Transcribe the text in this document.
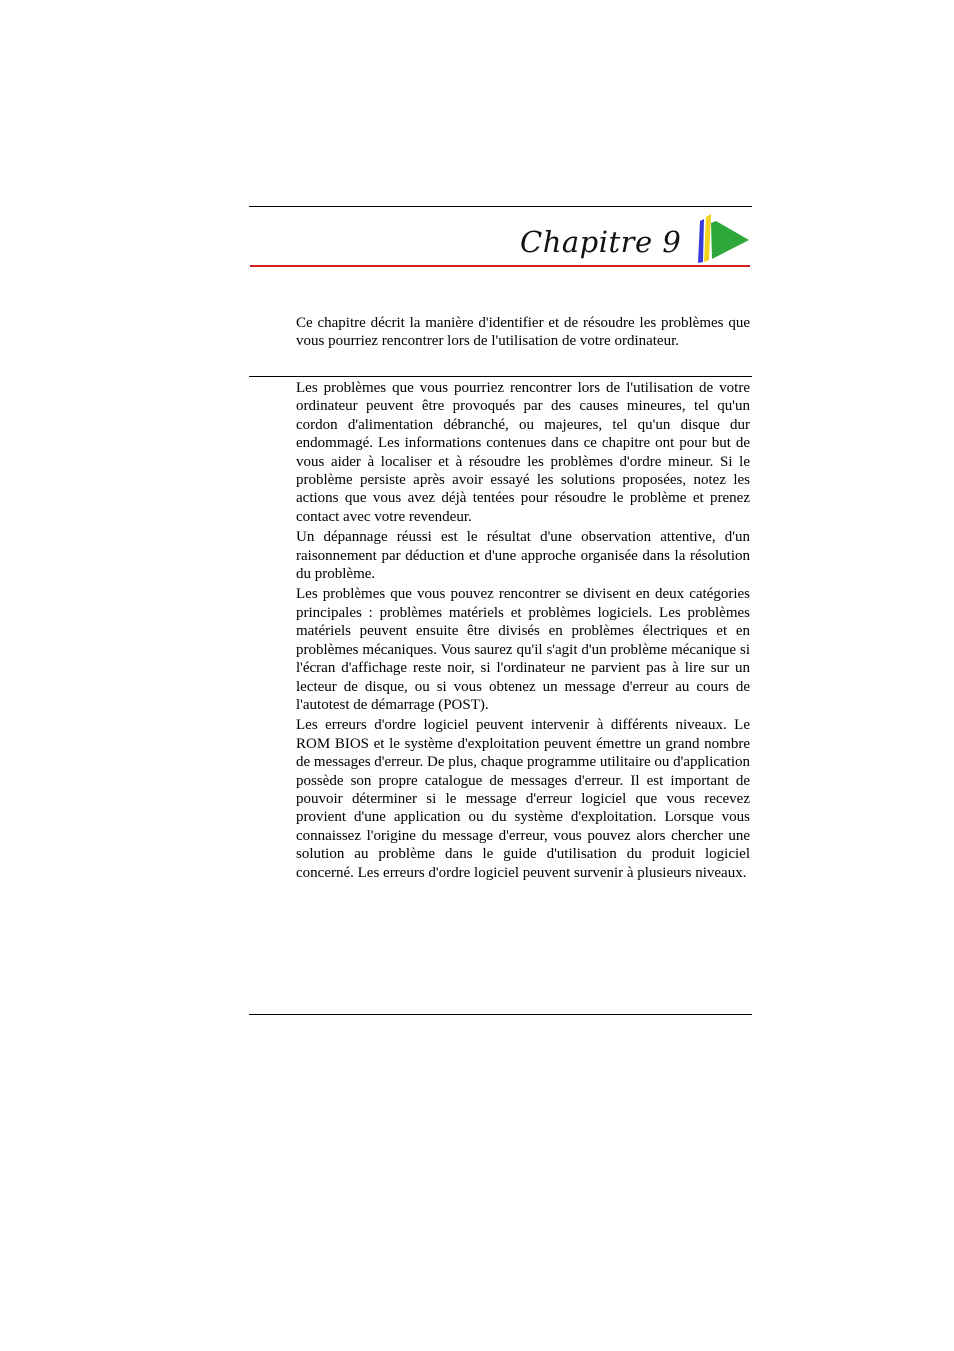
Chapitre 9

Ce chapitre décrit la manière d'identifier et de résoudre les problèmes que vous pourriez rencontrer lors de l'utilisation de votre ordinateur.

Les problèmes que vous pourriez rencontrer lors de l'utilisation de votre ordinateur peuvent être provoqués par des causes mineures, tel qu'un cordon d'alimentation débranché, ou majeures, tel qu'un disque dur endommagé. Les informations contenues dans ce chapitre ont pour but de vous aider à localiser et à résoudre les problèmes d'ordre mineur. Si le problème persiste après avoir essayé les solutions proposées, notez les actions que vous avez déjà tentées pour résoudre le problème et prenez contact avec votre revendeur.

Un dépannage réussi est le résultat d'une observation attentive, d'un raisonnement par déduction et d'une approche organisée dans la résolution du problème.

Les problèmes que vous pouvez rencontrer se divisent en deux catégories principales : problèmes matériels et problèmes logiciels. Les problèmes matériels peuvent ensuite être divisés en problèmes électriques et en problèmes mécaniques. Vous saurez qu'il s'agit d'un problème mécanique si l'écran d'affichage reste noir, si l'ordinateur ne parvient pas à lire sur un lecteur de disque, ou si vous obtenez un message d'erreur au cours de l'autotest de démarrage (POST).

Les erreurs d'ordre logiciel peuvent intervenir à différents niveaux. Le ROM BIOS et le système d'exploitation peuvent émettre un grand nombre de messages d'erreur. De plus, chaque programme utilitaire ou d'application possède son propre catalogue de messages d'erreur. Il est important de pouvoir déterminer si le message d'erreur logiciel que vous recevez provient d'une application ou du système d'exploitation. Lorsque vous connaissez l'origine du message d'erreur, vous pouvez alors chercher une solution au problème dans le guide d'utilisation du produit logiciel concerné. Les erreurs d'ordre logiciel peuvent survenir à plusieurs niveaux.
